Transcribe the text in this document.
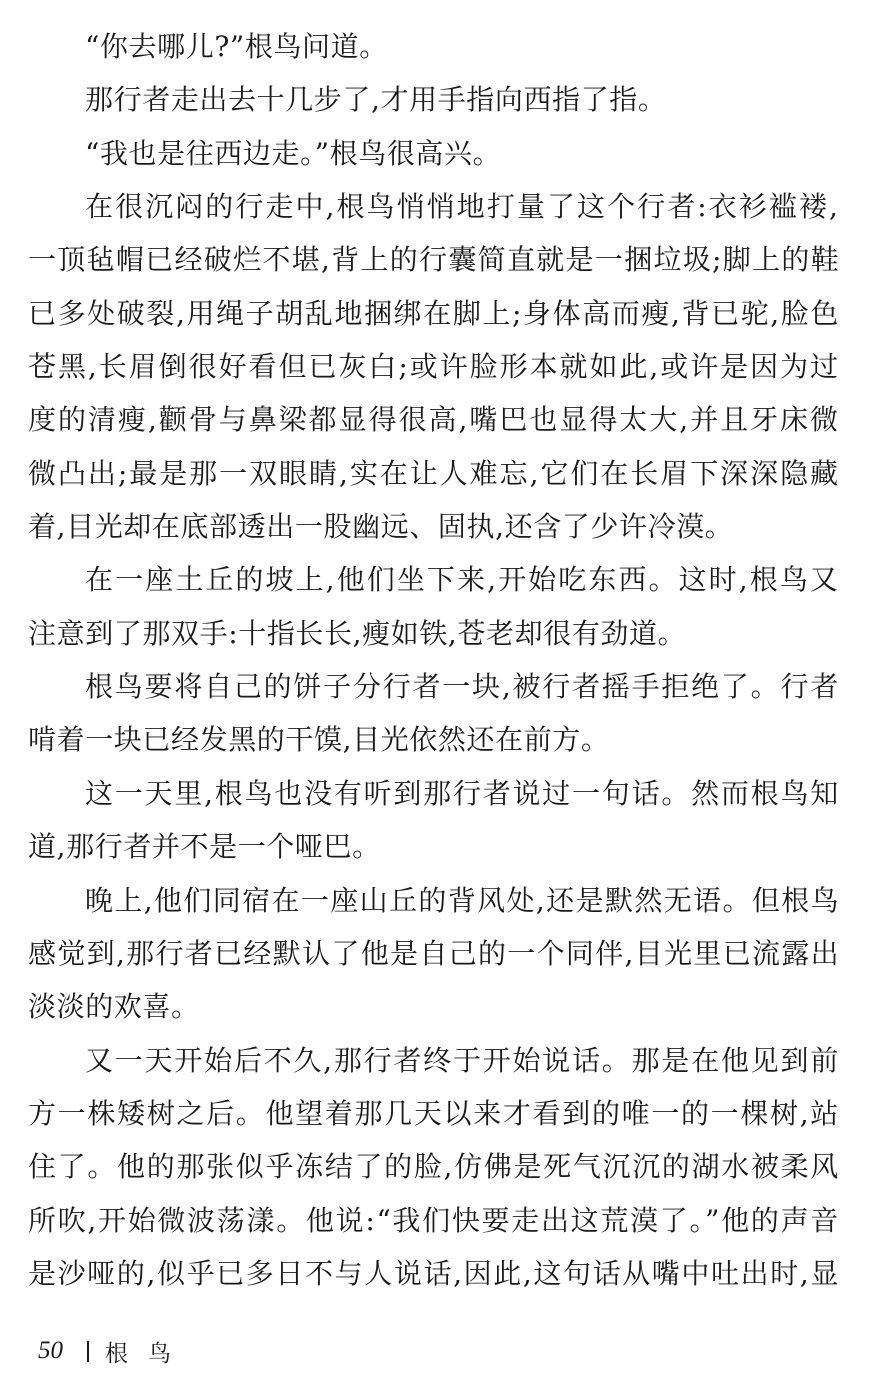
“你去哪儿?”根鸟问道。
那行者走出去十几步了,才用手指向西指了指。
“我也是往西边走。”根鸟很高兴。
在很沉闷的行走中,根鸟悄悄地打量了这个行者:衣衫褴褛,
一顶毡帽已经破烂不堪,背上的行囊简直就是一捆垃圾;脚上的鞋
已多处破裂,用绳子胡乱地捆绑在脚上;身体高而瘦,背已驼,脸色
苍黑,长眉倒很好看但已灰白;或许脸形本就如此,或许是因为过
度的清瘦,颧骨与鼻梁都显得很高,嘴巴也显得太大,并且牙床微
微凸出;最是那一双眼睛,实在让人难忘,它们在长眉下深深隐藏
着,目光却在底部透出一股幽远、固执,还含了少许冷漠。
在一座土丘的坡上,他们坐下来,开始吃东西。这时,根鸟又
注意到了那双手:十指长长,瘦如铁,苍老却很有劲道。
根鸟要将自己的饼子分行者一块,被行者摇手拒绝了。行者
啃着一块已经发黑的干馍,目光依然还在前方。
这一天里,根鸟也没有听到那行者说过一句话。然而根鸟知
道,那行者并不是一个哑巴。
晚上,他们同宿在一座山丘的背风处,还是默然无语。但根鸟
感觉到,那行者已经默认了他是自己的一个同伴,目光里已流露出
淡淡的欢喜。
又一天开始后不久,那行者终于开始说话。那是在他见到前
方一株矮树之后。他望着那几天以来才看到的唯一的一棵树,站
住了。他的那张似乎冻结了的脸,仿佛是死气沉沉的湖水被柔风
所吹,开始微波荡漾。他说:“我们快要走出这荒漠了。”他的声音
是沙哑的,似乎已多日不与人说话,因此,这句话从嘴中吐出时,显
50 根鸟
